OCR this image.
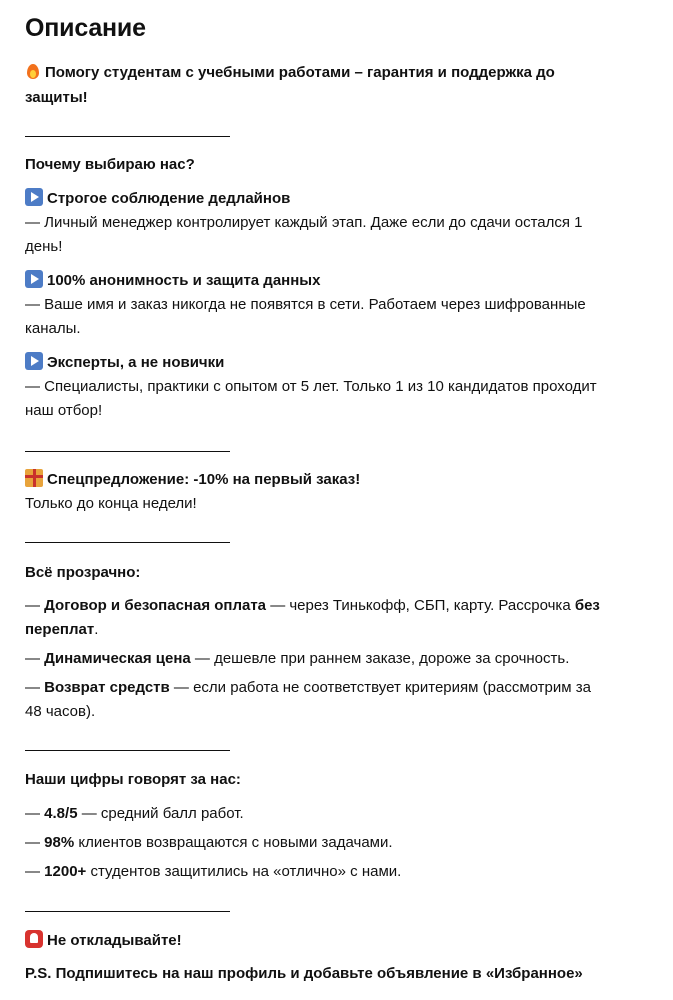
Описание
Помогу студентам с учебными работами – гарантия и поддержка до
защиты!
Почему выбираю нас?
Строгое соблюдение дедлайнов
— Личный менеджер контролирует каждый этап. Даже если до сдачи остался 1
день!
100% анонимность и защита данных
— Ваше имя и заказ никогда не появятся в сети. Работаем через шифрованные
каналы.
Эксперты, а не новички
— Специалисты, практики с опытом от 5 лет. Только 1 из 10 кандидатов проходит
наш отбор!
Спецпредложение: -10% на первый заказ!
Только до конца недели!
Всё прозрачно:
— Договор и безопасная оплата — через Тинькофф, СБП, карту. Рассрочка без
переплат.
— Динамическая цена — дешевле при раннем заказе, дороже за срочность.
— Возврат средств — если работа не соответствует критериям (рассмотрим за
48 часов).
Наши цифры говорят за нас:
— 4.8/5 — средний балл работ.
— 98% клиентов возвращаются с новыми задачами.
— 1200+ студентов защитились на «отлично» с нами.
Не откладывайте!
P.S. Подпишитесь на наш профиль и добавьте объявление в «Избранное»
